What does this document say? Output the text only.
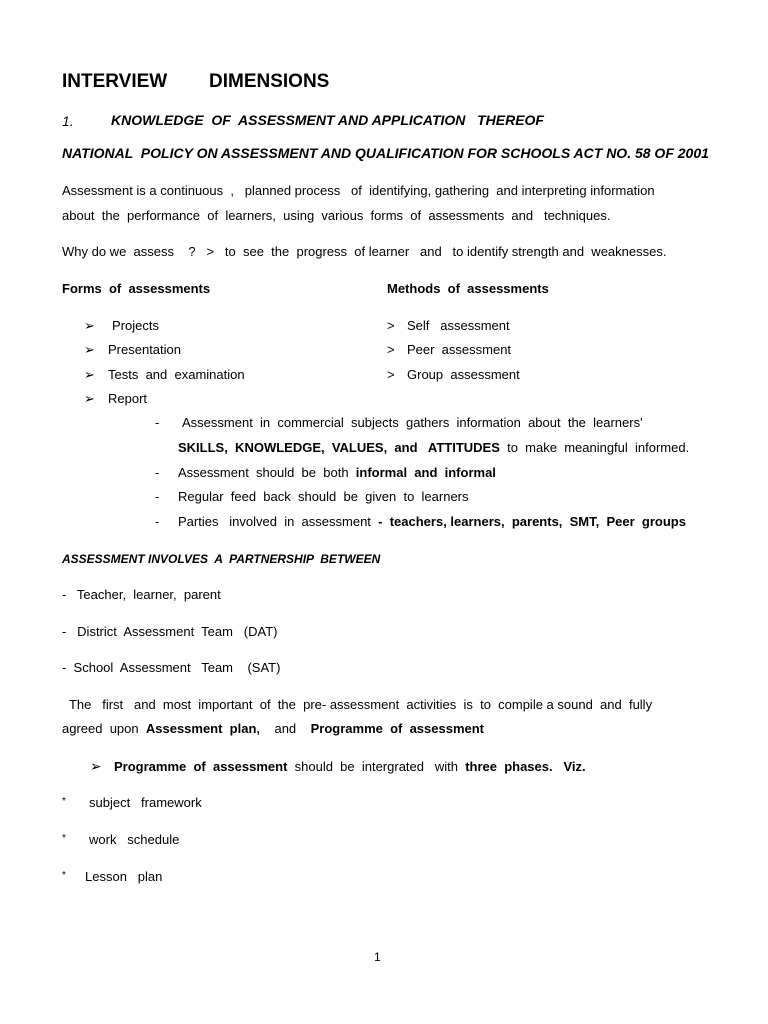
INTERVIEW DIMENSIONS
1.	KNOWLEDGE  OF  ASSESSMENT AND APPLICATION   THEREOF
NATIONAL  POLICY ON ASSESSMENT AND QUALIFICATION FOR SCHOOLS ACT NO. 58 OF 2001
Assessment is a continuous  ,   planned process   of  identifying, gathering  and interpreting information
about  the  performance  of  learners,  using  various  forms  of  assessments  and   techniques.
Why do we  assess    ?   >   to  see  the  progress  of learner   and   to identify strength and  weaknesses.
Forms  of  assessments	Methods  of  assessments
➢ Projects
➢ Presentation
➢ Tests  and  examination
➢ Report
> Self   assessment
> Peer  assessment
> Group  assessment
- Assessment  in  commercial  subjects  gathers  information  about  the  learners'
SKILLS,  KNOWLEDGE,  VALUES,  and   ATTITUDES  to  make  meaningful  informed.
- Assessment  should  be  both  informal  and  informal
- Regular  feed  back  should  be  given  to  learners
- Parties   involved  in  assessment  -  teachers, learners,  parents,  SMT,  Peer  groups
ASSESSMENT INVOLVES  A  PARTNERSHIP  BETWEEN
-   Teacher,  learner,  parent
-   District  Assessment  Team   (DAT)
-  School  Assessment   Team    (SAT)
The   first   and  most  important  of  the  pre- assessment  activities  is  to  compile a sound  and  fully
agreed  upon  Assessment  plan,    and    Programme  of  assessment
➢ Programme  of  assessment  should  be  intergrated   with  three  phases.   Viz.
* subject   framework
* work   schedule
* Lesson   plan
1
